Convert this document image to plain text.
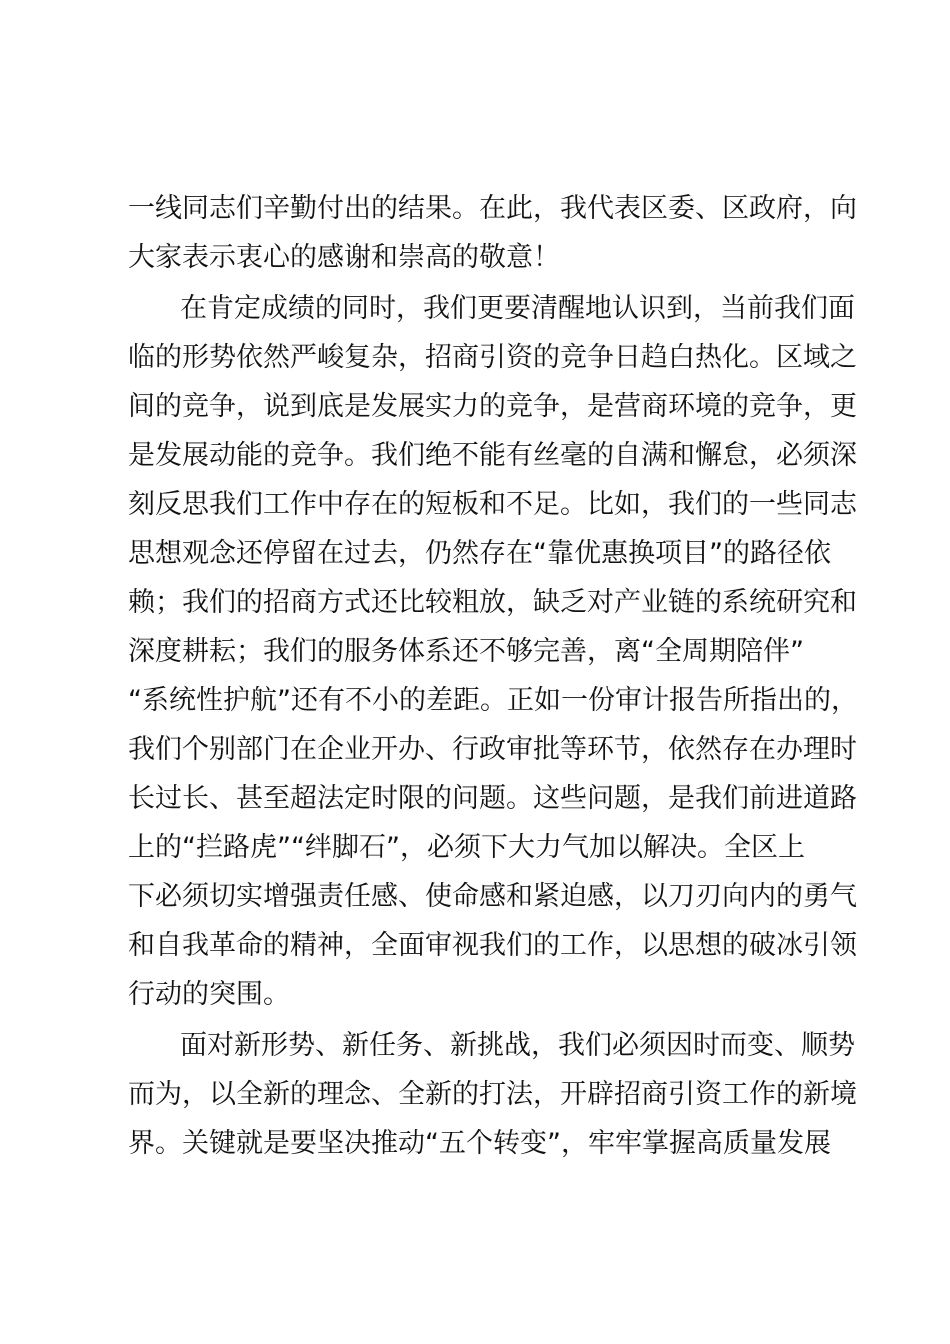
一线同志们辛勤付出的结果。在此，我代表区委、区政府，向
大家表示衷心的感谢和崇高的敬意！
在肯定成绩的同时，我们更要清醒地认识到，当前我们面
临的形势依然严峻复杂，招商引资的竞争日趋白热化。区域之
间的竞争，说到底是发展实力的竞争，是营商环境的竞争，更
是发展动能的竞争。我们绝不能有丝毫的自满和懈怠，必须深
刻反思我们工作中存在的短板和不足。比如，我们的一些同志
思想观念还停留在过去，仍然存在“靠优惠换项目”的路径依
赖；我们的招商方式还比较粗放，缺乏对产业链的系统研究和
深度耕耘；我们的服务体系还不够完善，离“全周期陪伴”
“系统性护航”还有不小的差距。正如一份审计报告所指出的，
我们个别部门在企业开办、行政审批等环节，依然存在办理时
长过长、甚至超法定时限的问题。这些问题，是我们前进道路
上的“拦路虎”“绊脚石”，必须下大力气加以解决。全区上
下必须切实增强责任感、使命感和紧迫感，以刀刃向内的勇气
和自我革命的精神，全面审视我们的工作，以思想的破冰引领
行动的突围。
面对新形势、新任务、新挑战，我们必须因时而变、顺势
而为，以全新的理念、全新的打法，开辟招商引资工作的新境
界。关键就是要坚决推动“五个转变”，牢牢掌握高质量发展
